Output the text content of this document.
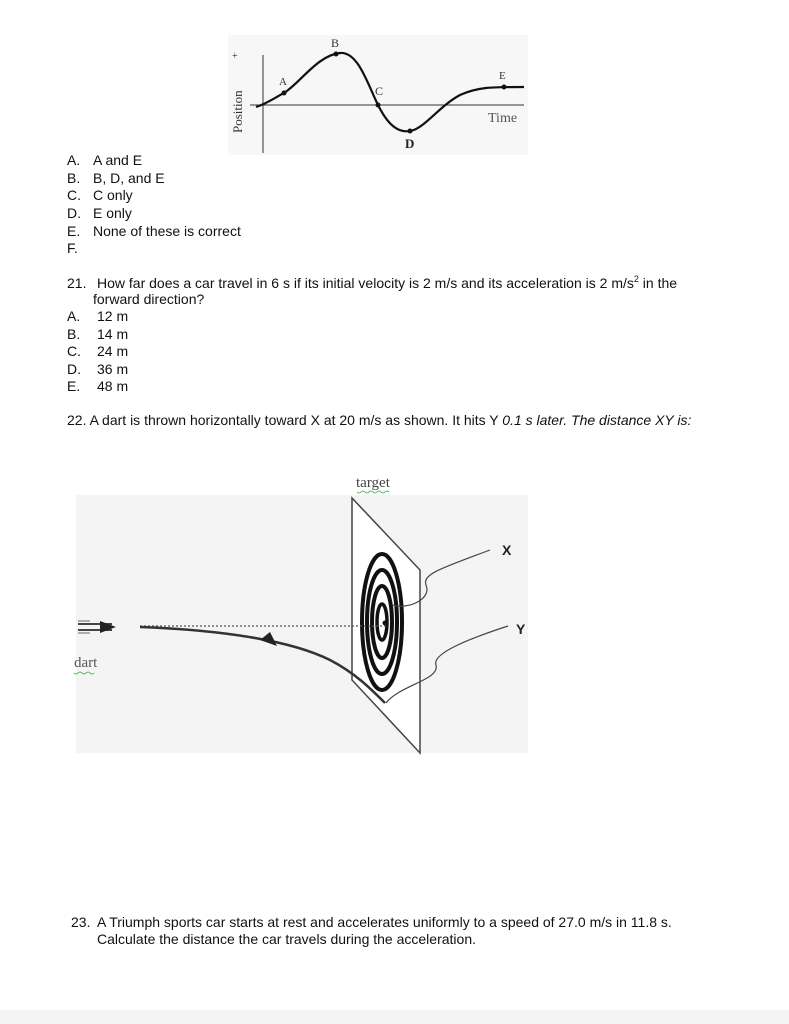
+
A
B
C
D
E
Time
Position
A. A and E
B. B, D, and E
C. C only
D. E only
E. None of these is correct
F.
21. How far does a car travel in 6 s if its initial velocity is 2 m/s and its acceleration is 2 $m/s^2$ in the
forward direction?
A. 12 m
B. 14 m
C. 24 m
D. 36 m
E. 48 m
22. A dart is thrown horizontally toward X at 20 m/s as shown. It hits Y 0.1 s later. The distance XY is:
target
dart
X
Y
23. A Triumph sports car starts at rest and accelerates uniformly to a speed of 27.0 m/s in 11.8 s.
Calculate the distance the car travels during the acceleration.
